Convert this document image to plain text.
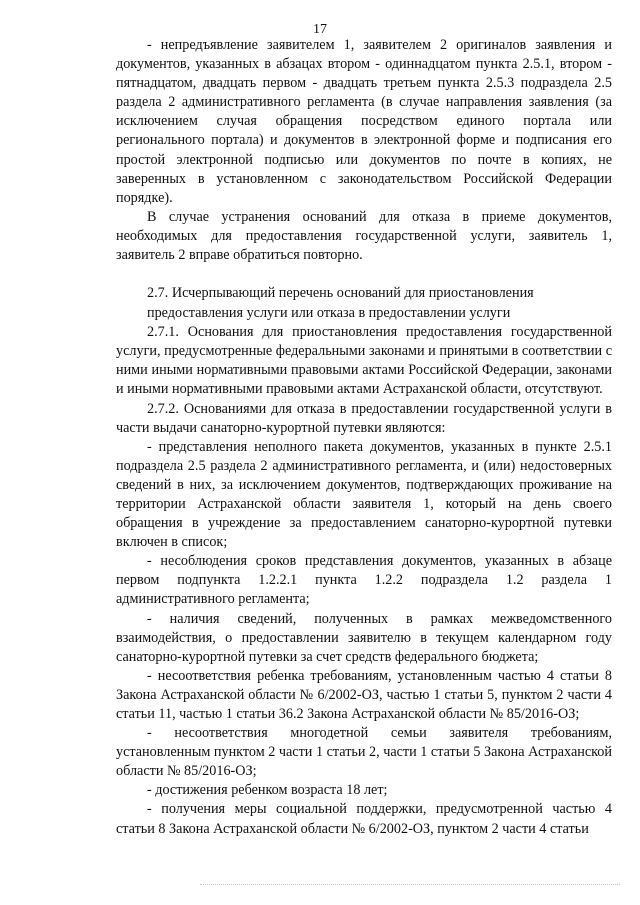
17

- непредъявление заявителем 1, заявителем 2 оригиналов заявления и документов, указанных в абзацах втором - одиннадцатом пункта 2.5.1, втором - пятнадцатом, двадцать первом - двадцать третьем пункта 2.5.3 подраздела 2.5 раздела 2 административного регламента (в случае направления заявления (за исключением случая обращения посредством единого портала или регионального портала) и документов в электронной форме и подписания его простой электронной подписью или документов по почте в копиях, не заверенных в установленном с законодательством Российской Федерации порядке).

В случае устранения оснований для отказа в приеме документов, необходимых для предоставления государственной услуги, заявитель 1, заявитель 2 вправе обратиться повторно.

2.7. Исчерпывающий перечень оснований для приостановления предоставления услуги или отказа в предоставлении услуги

2.7.1. Основания для приостановления предоставления государственной услуги, предусмотренные федеральными законами и принятыми в соответствии с ними иными нормативными правовыми актами Российской Федерации, законами и иными нормативными правовыми актами Астраханской области, отсутствуют.

2.7.2. Основаниями для отказа в предоставлении государственной услуги в части выдачи санаторно-курортной путевки являются:

- представления неполного пакета документов, указанных в пункте 2.5.1 подраздела 2.5 раздела 2 административного регламента, и (или) недостоверных сведений в них, за исключением документов, подтверждающих проживание на территории Астраханской области заявителя 1, который на день своего обращения в учреждение за предоставлением санаторно-курортной путевки включен в список;

- несоблюдения сроков представления документов, указанных в абзаце первом подпункта 1.2.2.1 пункта 1.2.2 подраздела 1.2 раздела 1 административного регламента;

- наличия сведений, полученных в рамках межведомственного взаимодействия, о предоставлении заявителю в текущем календарном году санаторно-курортной путевки за счет средств федерального бюджета;

- несоответствия ребенка требованиям, установленным частью 4 статьи 8 Закона Астраханской области № 6/2002-ОЗ, частью 1 статьи 5, пунктом 2 части 4 статьи 11, частью 1 статьи 36.2 Закона Астраханской области № 85/2016-ОЗ;

- несоответствия многодетной семьи заявителя требованиям, установленным пунктом 2 части 1 статьи 2, части 1 статьи 5 Закона Астраханской области № 85/2016-ОЗ;

- достижения ребенком возраста 18 лет;

- получения меры социальной поддержки, предусмотренной частью 4 статьи 8 Закона Астраханской области № 6/2002-ОЗ, пунктом 2 части 4 статьи
